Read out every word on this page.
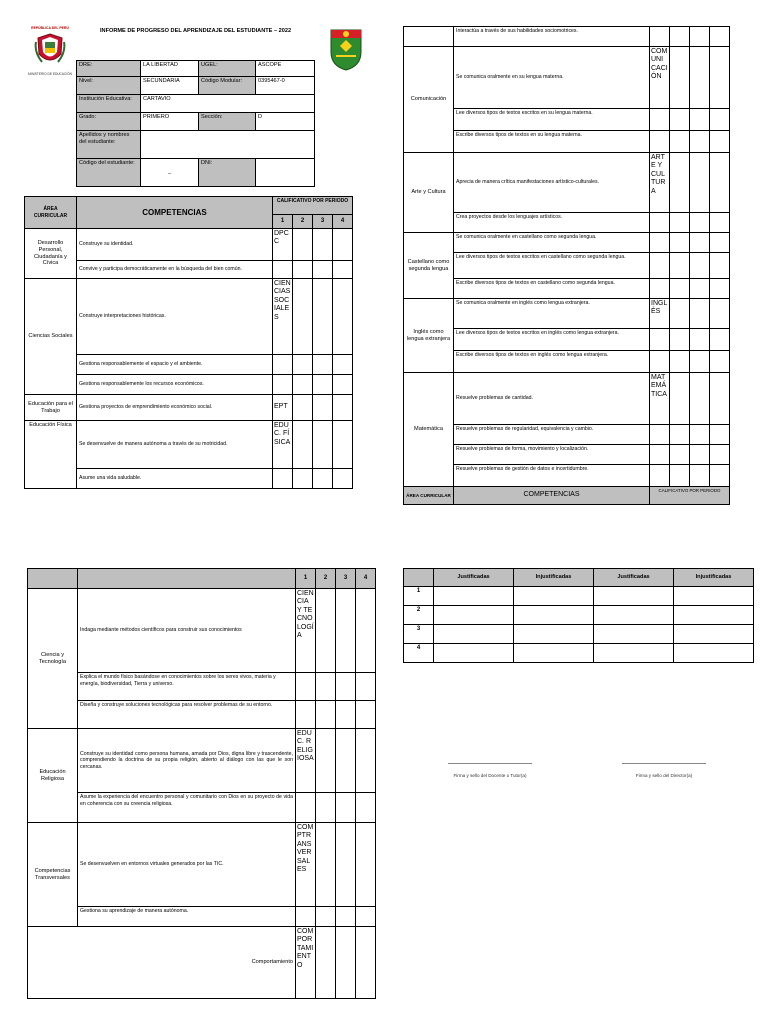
REPÚBLICA DEL PERÚ
MINISTERIO DE EDUCACIÓN
INFORME DE PROGRESO DEL APRENDIZAJE DEL ESTUDIANTE – 2022
DRE:	LA LIBERTAD	UGEL:	ASCOPE
Nivel:	SECUNDARIA	Código Modular:	0395467-0
Institución Educativa:	CARTAVIO		
Grado:	PRIMERO	Sección:	D
Apellidos y nombres del estudiante:			
Código del estudiante:	_	DNI:	
ÁREA CURRICULAR	COMPETENCIAS	CALIFICATIVO POR PERIODO			
		1	2	3	4
Desarrollo Personal, Ciudadanía y Cívica	Construye su identidad.	DPCC			
	Convive y participa democráticamente en la búsqueda del bien común.				
Ciencias Sociales	Construye interpretaciones históricas.	CIENCIAS SOCIALES			
	Gestiona responsablemente el espacio y el ambiente.				
	Gestiona responsablemente los recursos económicos.				
Educación para el Trabajo	Gestiona proyectos de emprendimiento económico social.	EPT			
Educación Física	Se desenvuelve de manera autónoma a través de su motricidad.	EDUC. FÍSICA			
	Asume una vida saludable.				
	Interactúa a través de sus habilidades sociomotrices.				
Comunicación	Se comunica oralmente en su lengua materna.	COMUNICACIÓN			
	Lee diversos tipos de textos escritos en su lengua materna.				
	Escribe diversos tipos de textos en su lengua materna.				
Arte y Cultura	Aprecia de manera crítica manifestaciones artístico-culturales.	ARTE Y CULTURA			
	Crea proyectos desde los lenguajes artísticos.				
Castellano como segunda lengua	Se comunica oralmente en castellano como segunda lengua.				
	Lee diversos tipos de textos escritos en castellano como segunda lengua.				
	Escribe diversos tipos de textos en castellano como segunda lengua.				
Inglés como lengua extranjera	Se comunica oralmente en inglés como lengua extranjera.	INGLÉS			
	Lee diversos tipos de textos escritos en inglés como lengua extranjera.				
	Escribe diversos tipos de textos en inglés como lengua extranjera.				
Matemática	Resuelve problemas de cantidad.	MATEMÁTICA			
	Resuelve problemas de regularidad, equivalencia y cambio.				
	Resuelve problemas de forma, movimiento y localización.				
	Resuelve problemas de gestión de datos e incertidumbre.				
ÁREA CURRICULAR	COMPETENCIAS	CALIFICATIVO POR PERIODO			
		1	2	3	4
Ciencia y Tecnología	Indaga mediante métodos científicos para construir sus conocimientos	CIENCIA Y TECNOLOGÍA			
	Explica el mundo físico basándose en conocimientos sobre los seres vivos, materia y energía, biodiversidad, Tierra y universo.				
	Diseña y construye soluciones tecnológicas para resolver problemas de su entorno.				
Educación Religiosa	Construye su identidad como persona humana, amada por Dios, digna libre y trascendente, comprendiendo la doctrina de su propia religión, abierto al diálogo con las que le son cercanas.	EDUC. RELIGIOSA			
	Asume la experiencia del encuentro personal y comunitario con Dios en su proyecto de vida en coherencia con su creencia religiosa.				
Competencias Transversales	Se desenvuelven en entornos virtuales generados por las TIC.	COMPTRANSVERSALES			
	Gestiona su aprendizaje de manera autónoma.				
Comportamiento		COMPORTAMIENTO			
	Justificadas	Injustificadas	Justificadas	Injustificadas
1				
2				
3				
4				
Firma y sello del Docente o Tutor(a)	Firma y sello del Director(a)
